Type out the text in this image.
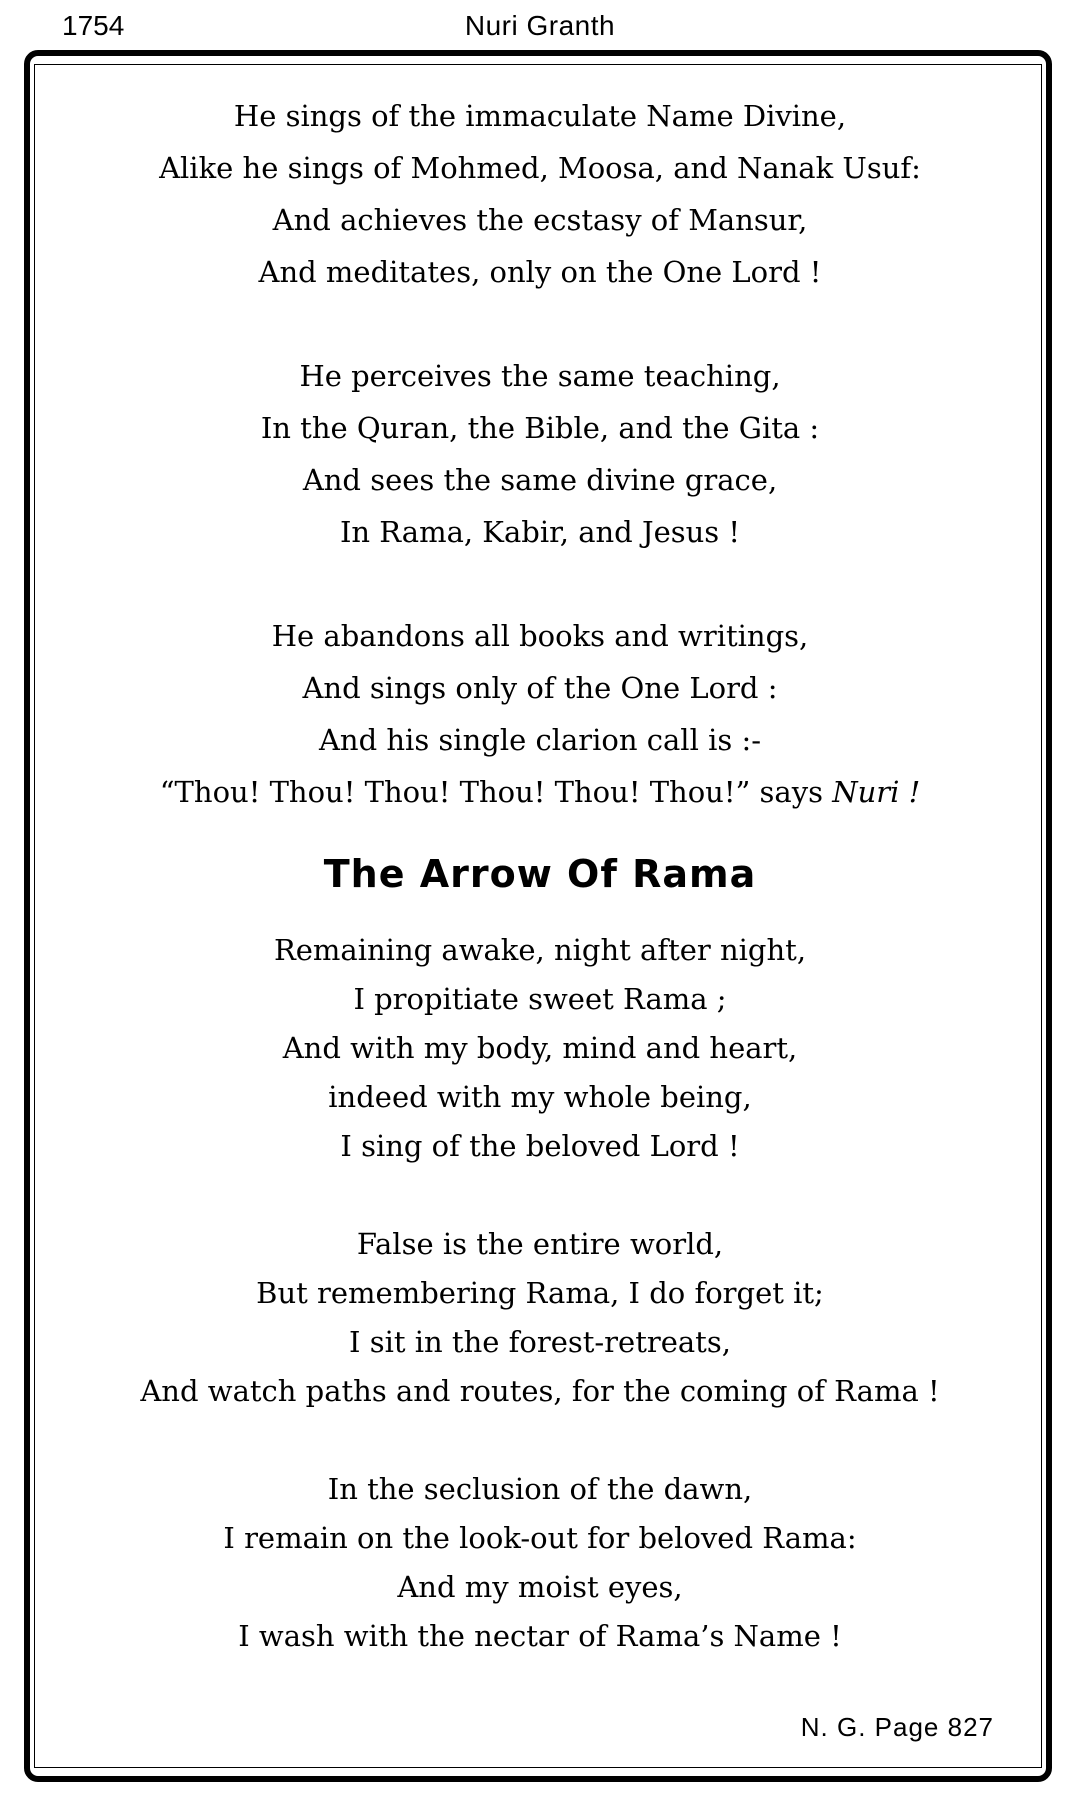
1754	Nuri Granth
He sings of the immaculate Name Divine,
Alike he sings of Mohmed, Moosa, and Nanak Usuf:
And achieves the ecstasy of Mansur,
And meditates, only on the One Lord !
He perceives the same teaching,
In the Quran, the Bible, and the Gita :
And sees the same divine grace,
In Rama, Kabir, and Jesus !
He abandons all books and writings,
And sings only of the One Lord :
And his single clarion call is :-
“Thou! Thou! Thou! Thou! Thou! Thou!” says Nuri !
The Arrow Of Rama
Remaining awake, night after night,
I propitiate sweet Rama ;
And with my body, mind and heart,
indeed with my whole being,
I sing of the beloved Lord !
False is the entire world,
But remembering Rama, I do forget it;
I sit in the forest-retreats,
And watch paths and routes, for the coming of Rama !
In the seclusion of the dawn,
I remain on the look-out for beloved Rama:
And my moist eyes,
I wash with the nectar of Rama’s Name !
N. G. Page 827
